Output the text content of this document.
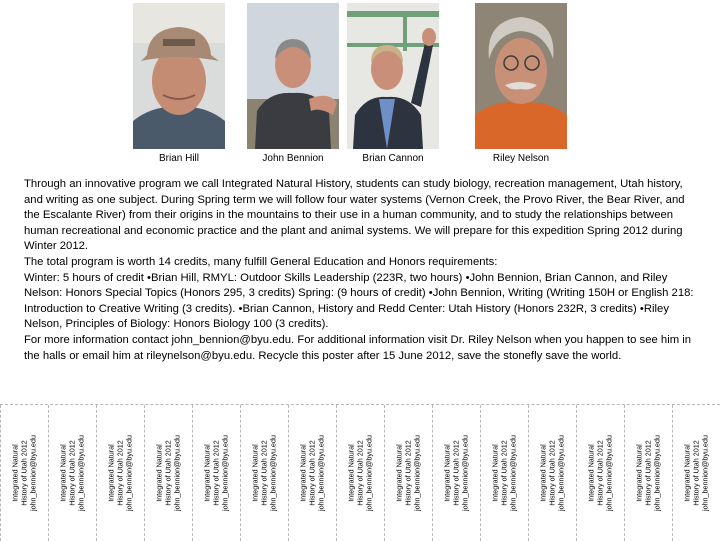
Brian Hill	John Bennion	Brian Cannon	Riley Nelson

Through an innovative program we call Integrated Natural History, students can study biology, recreation management, Utah history, and writing as one subject. During Spring term we will follow four water systems (Vernon Creek, the Provo River, the Bear River, and the Escalante River) from their origins in the mountains to their use in a human community, and to study the relationships between human recreational and economic practice and the plant and animal systems. We will prepare for this expedition Spring 2012 during Winter 2012.

The total program is worth 14 credits, many fulfill General Education and Honors requirements:

Winter: 5 hours of credit •Brian Hill, RMYL: Outdoor Skills Leadership (223R, two hours) •John Bennion, Brian Cannon, and Riley Nelson: Honors Special Topics (Honors 295, 3 credits) Spring: (9 hours of credit) •John Bennion, Writing (Writing 150H or English 218: Introduction to Creative Writing (3 credits). •Brian Cannon, History and Redd Center: Utah History (Honors 232R, 3 credits) •Riley Nelson, Principles of Biology: Honors Biology 100 (3 credits).

For more information contact john_bennion@byu.edu. For additional information visit Dr. Riley Nelson when you happen to see him in the halls or email him at rileynelson@byu.edu. Recycle this poster after 15 June 2012, save the stonefly save the world.

Integrated Natural History of Utah 2012 john_bennion@byu.edu	Integrated Natural History of Utah 2012 john_bennion@byu.edu	Integrated Natural History of Utah 2012 john_bennion@byu.edu	Integrated Natural History of Utah 2012 john_bennion@byu.edu	Integrated Natural History of Utah 2012 john_bennion@byu.edu	Integrated Natural History of Utah 2012 john_bennion@byu.edu	Integrated Natural History of Utah 2012 john_bennion@byu.edu	Integrated Natural History of Utah 2012 john_bennion@byu.edu	Integrated Natural History of Utah 2012 john_bennion@byu.edu	Integrated Natural History of Utah 2012 john_bennion@byu.edu	Integrated Natural History of Utah 2012 john_bennion@byu.edu	Integrated Natural History of Utah 2012 john_bennion@byu.edu	Integrated Natural History of Utah 2012 john_bennion@byu.edu	Integrated Natural History of Utah 2012 john_bennion@byu.edu	Integrated Natural History of Utah 2012 john_bennion@byu.edu
